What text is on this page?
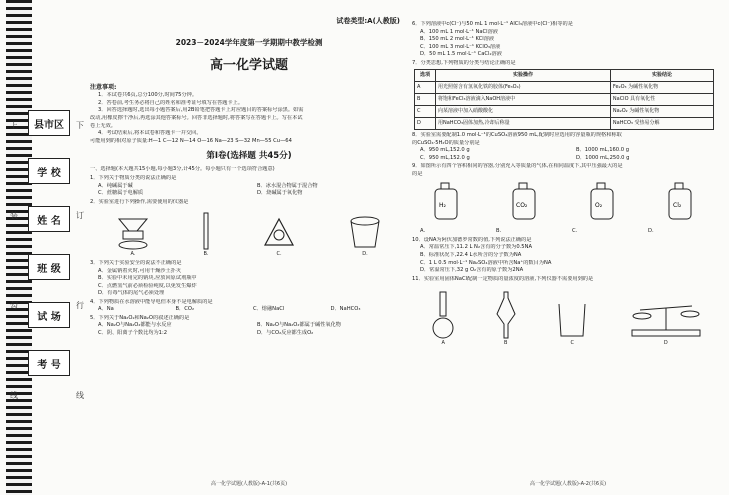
上
装
勾
线
下
订
行
线
县市区
学 校
姓 名
班 级
试 场
考 号
试卷类型:A(人教版)
2023－2024学年度第一学期期中教学检测
高一化学试题
注意事项:
1．本试卷共6页,总分100分,时间75分钟。
2．答卷前,考生务必将自己的姓名和准考证号填写在答题卡上。
3．回答选择题时,选出每小题答案后,用2B铅笔把答题卡上对应题目的答案标号涂黑。如需
改动,用橡皮擦干净后,再选涂其他答案标号。回答非选择题时,将答案写在答题卡上。写在本试
卷上无效。
4．考试结束后,将本试卷和答题卡一并交回。
可能用到的相对原子质量:H—1 C—12 N—14 O—16 Na—23 S—32 Mn—55 Cu—64
第Ⅰ卷(选择题 共45分)
一、选择题(本大题共15小题,每小题3分,计45分。每小题只有一个选项符合题意)
1．下列关于物质分类的说法正确的是
A．纯碱属于碱	B．冰水混合物属于混合物
C．蔗糖属于电解质	D．烧碱属于氧化物
2．实验室进行下列操作,需要使用的仪器是
A.	B.	C.	D.
3．下列关于实验安全的说法不正确的是
A．金属钠着火时,可用干燥沙土扑灭
B．实验中未用完的钠块,应放回原试剂瓶中
C．点燃氢气前必须检验纯度,以免发生爆炸
D．有毒气体的尾气必须处理
4．下列物质在水溶液中能导电但本身不是电解质的是
A．Na	B．CO₂	C．熔融NaCl	D．NaHCO₃
5．下列关于Na₂O₂和Na₂O的叙述正确的是
A．Na₂O与Na₂O₂都能与水反应	B．Na₂O与Na₂O₂都属于碱性氧化物
C．阴、阳离子个数比均为1:2	D．与CO₂反应都生成O₂
高一化学试题(人教版)-A-1(共6页)
6．下列溶液中c(Cl⁻)与50 mL 1 mol·L⁻¹ AlCl₃溶液中c(Cl⁻)相等的是
A．100 mL 1 mol·L⁻¹ NaCl溶液
B．150 mL 2 mol·L⁻¹ KCl溶液
C．100 mL 3 mol·L⁻¹ KClO₃溶液
D．50 mL 1.5 mol·L⁻¹ CaCl₂溶液
7．分类思想,下列物质的分类与结论正确的是
选项	实验操作	实验结论
A	用光照射含有氢氧化铁的胶体(Fe₃O₄)	Fe₂O₃ 为碱性氧化物
B	将饱和FeCl₃溶液滴入NaOH溶液中	NaClO 具有氧化性
C	向某溶液中加入硝酸酸化	Na₂O₂ 为碱性氧化物
D	用NaHCO₃固体加热,冷却后称量	NaHCO₃ 受热易分解
8．实验室需要配制1.0 mol·L⁻¹的CuSO₄溶液950 mL,配制时应选用的容量瓶的规格和称取
的CuSO₄·5H₂O的质量分别是
A．950 mL,152.0 g	B．1000 mL,160.0 g
C．950 mL,152.0 g	D．1000 mL,250.0 g
9．如图所示有四个容积相同的容器,分别充入等质量的气体,在相同温度下,其中压强最大的是
的是
H₂	CO₂	O₂	Cl₂
A.	B.	C.	D.
10．设NA为阿伏加德罗常数的值,下列说法正确的是
A．常温常压下,11.2 L N₂含有的分子数为0.5NA
B．标准状况下,22.4 L水所含的分子数为NA
C．1 L 0.5 mol·L⁻¹ Na₂SO₄溶液中所含Na⁺的数目为NA
D．常温常压下,32 g O₂含有的原子数为2NA
11．实验室用固体NaCl配制一定物质的量浓度的溶液,下列仪器不需要用到的是
A	B	C	D
高一化学试题(人教版)-A-2(共6页)
